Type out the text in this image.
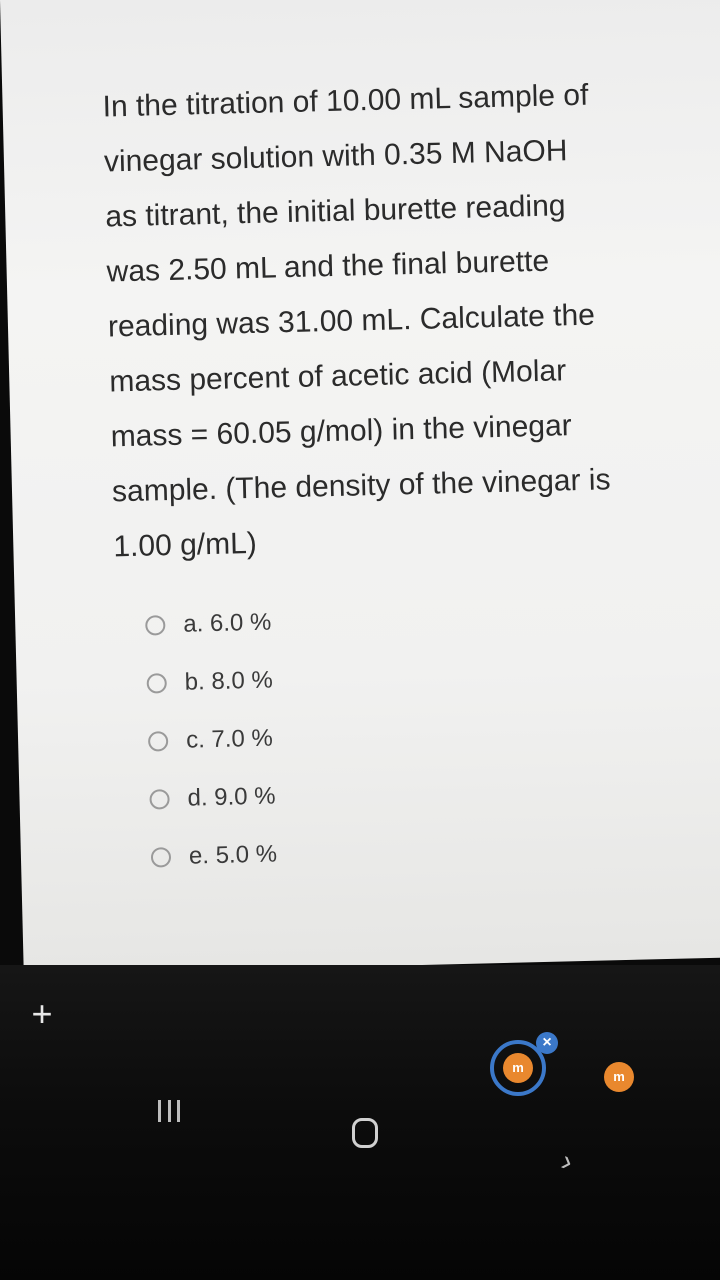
In the titration of 10.00 mL sample of
vinegar solution with 0.35 M NaOH
as titrant, the initial burette reading
was 2.50 mL and the final burette
reading was 31.00 mL. Calculate the
mass percent of acetic acid (Molar
mass = 60.05 g/mol) in the vinegar
sample. (The density of the vinegar is
1.00 g/mL)
a. 6.0 %
b. 8.0 %
c. 7.0 %
d. 9.0 %
e. 5.0 %
+
m
×
m
›
